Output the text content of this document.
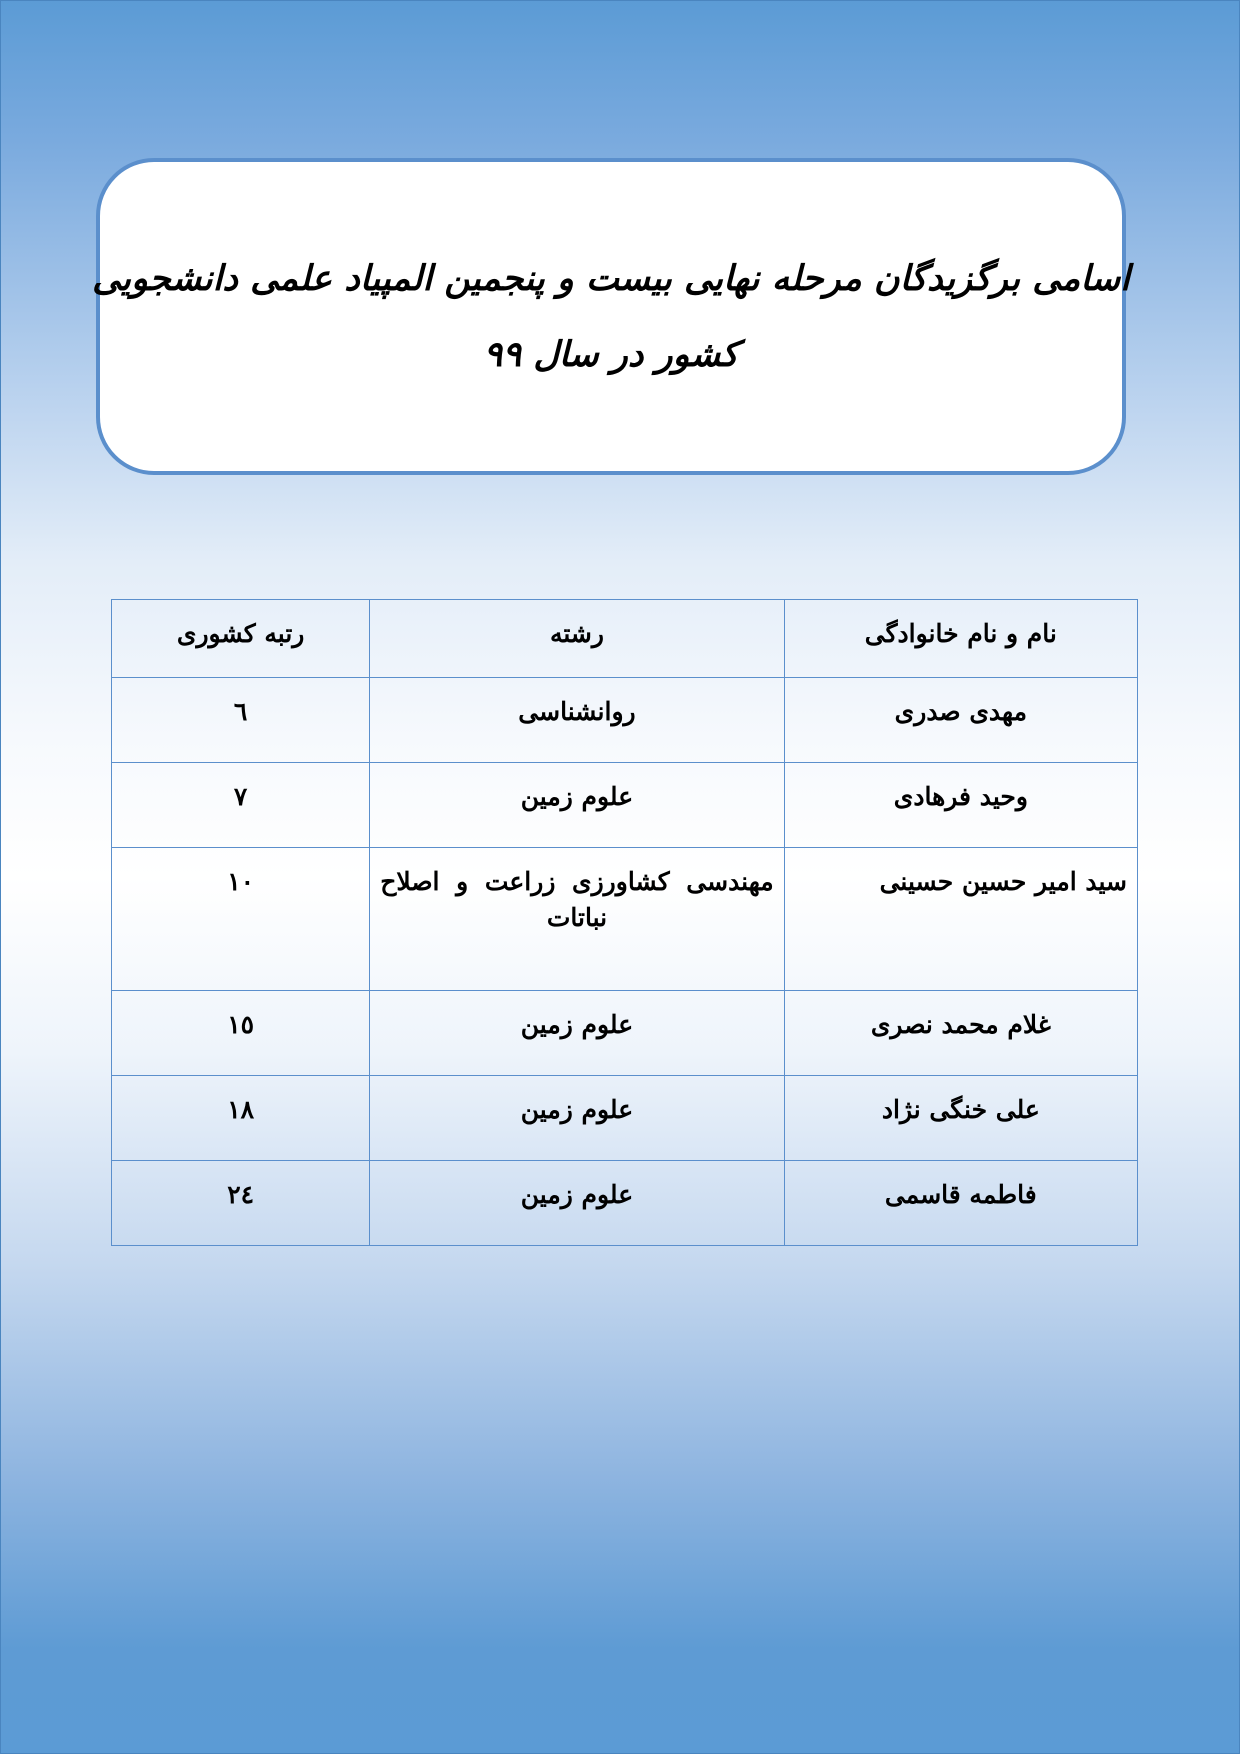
اسامی برگزیدگان مرحله نهایی بیست و پنجمین المپیاد علمی دانشجویی
کشور در سال ۹۹
نام و نام خانوادگی	رشته	رتبه کشوری
مهدی صدری	روانشناسی	٦
وحید فرهادی	علوم زمین	٧
سید امیر حسین حسینی	مهندسی کشاورزی زراعت و اصلاح نباتات	١٠
غلام محمد نصری	علوم زمین	١٥
علی خنگی نژاد	علوم زمین	١٨
فاطمه قاسمی	علوم زمین	٢٤
